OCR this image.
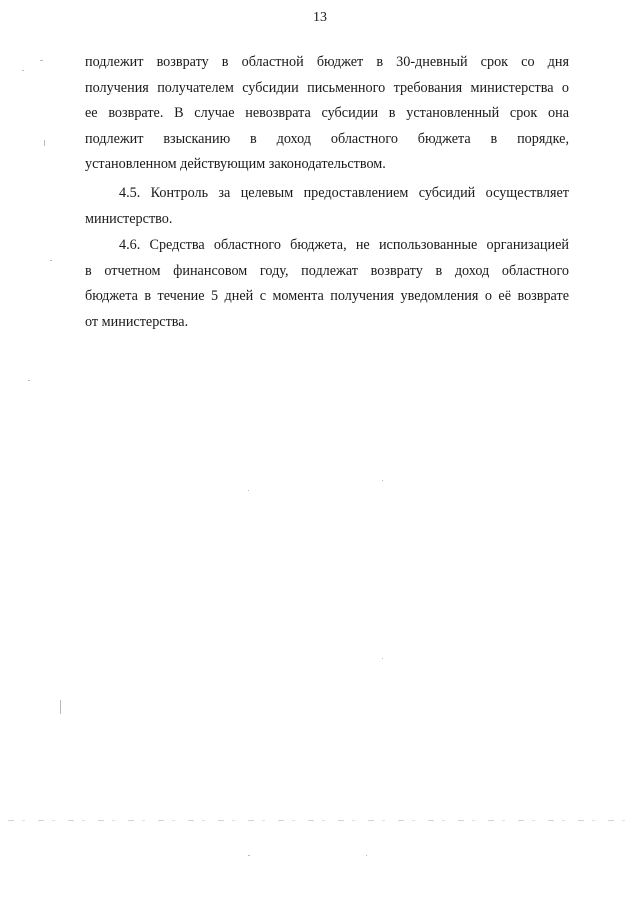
13
подлежит возврату в областной бюджет в 30-дневный срок со дня
получения получателем субсидии письменного требования министерства о
ее возврате. В случае невозврата субсидии в установленный срок она
подлежит взысканию в доход областного бюджета в порядке,
установленном действующим законодательством.
4.5. Контроль за целевым предоставлением субсидий осуществляет
министерство.
4.6. Средства областного бюджета, не использованные организацией
в отчетном финансовом году, подлежат возврату в доход областного
бюджета в течение 5 дней с момента получения уведомления о её возврате
от министерства.
